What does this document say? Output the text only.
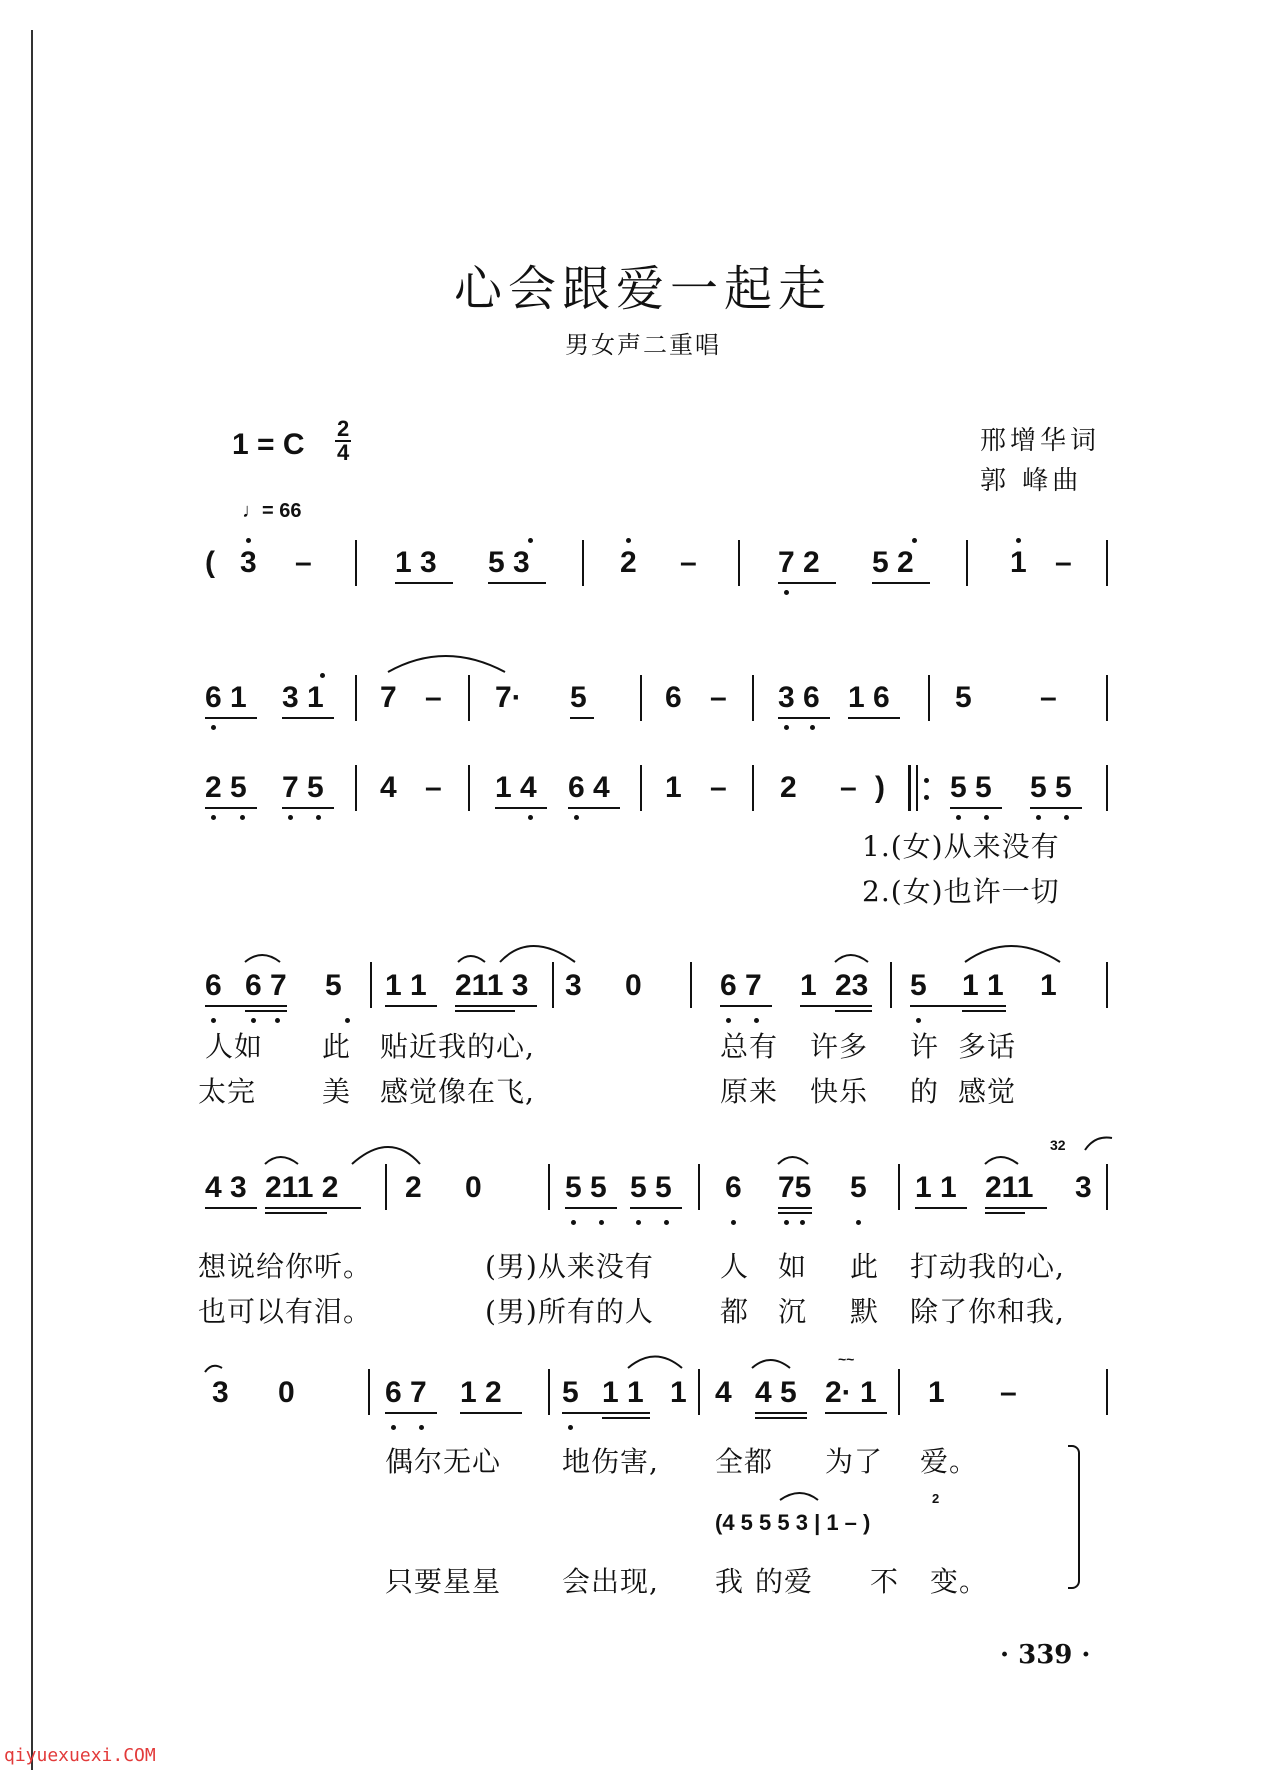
心会跟爱一起走
男女声二重唱
1 = C 2
4
♩= 66
邢增华词
郭 峰曲
( 3 –	1 3 5 3	2 –	7 2 5 2	1 –
6 1 3 1 7 – 7· 5	6 – 3 6 1 6 5 –
2 5 7 5 4 – 1 4 6 4 1 – 2 – ) 5 5 5 5
1.(女)从来没有
2.(女)也许一切
6 6 7 5 1 1 211 3 3 0	6 7 1 23 5 1 1 1
人如 此 贴近我的心,	总有 许多 许 多话
太完 美 感觉像在飞,	原来 快乐 的 感觉
4 3 211 2 2 0	5 5 5 5 6 75 5 1 1 211 3
32
想说给你听。	(男)从来没有 人 如 此 打动我的心,
也可以有泪。	(男)所有的人 都 沉 默 除了你和我,
3 0	6 7 1 2 5 1 1 1 4 4 5 2· 1 1 –
~~
偶尔无心 地伤害, 全都 为了 爱。
(4 5 5 5 3 | 1 – )
2
只要星星 会出现, 我 的爱 不 变。
· 339 ·
qiyuexuexi.COM
